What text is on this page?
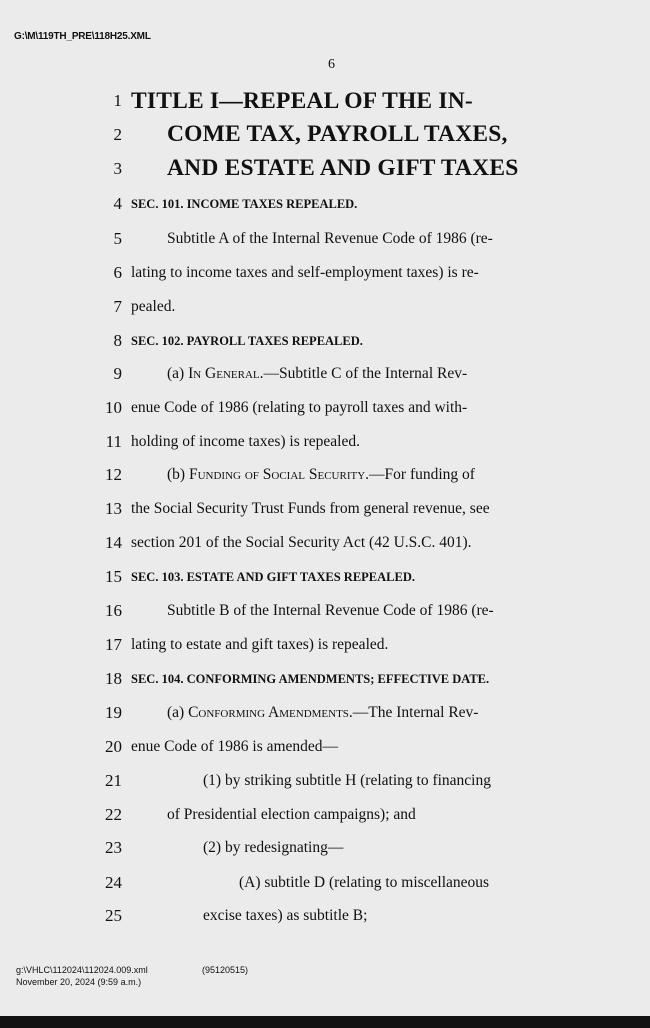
G:\M\119TH_PRE\118H25.XML
6
1
2
3
4
5
6
7
8
9
10
11
12
13
14
15
16
17
18
19
20
21
22
23
24
25
TITLE I—REPEAL OF THE IN-
COME TAX, PAYROLL TAXES,
AND ESTATE AND GIFT TAXES
SEC. 101. INCOME TAXES REPEALED.
Subtitle A of the Internal Revenue Code of 1986 (re-
lating to income taxes and self-employment taxes) is re-
pealed.
SEC. 102. PAYROLL TAXES REPEALED.
(a) In General.—Subtitle C of the Internal Rev-
enue Code of 1986 (relating to payroll taxes and with-
holding of income taxes) is repealed.
(b) Funding of Social Security.—For funding of
the Social Security Trust Funds from general revenue, see
section 201 of the Social Security Act (42 U.S.C. 401).
SEC. 103. ESTATE AND GIFT TAXES REPEALED.
Subtitle B of the Internal Revenue Code of 1986 (re-
lating to estate and gift taxes) is repealed.
SEC. 104. CONFORMING AMENDMENTS; EFFECTIVE DATE.
(a) Conforming Amendments.—The Internal Rev-
enue Code of 1986 is amended—
(1) by striking subtitle H (relating to financing
of Presidential election campaigns); and
(2) by redesignating—
(A) subtitle D (relating to miscellaneous
excise taxes) as subtitle B;
g:\VHLC\112024\112024.009.xml	(95120515)
November 20, 2024 (9:59 a.m.)
